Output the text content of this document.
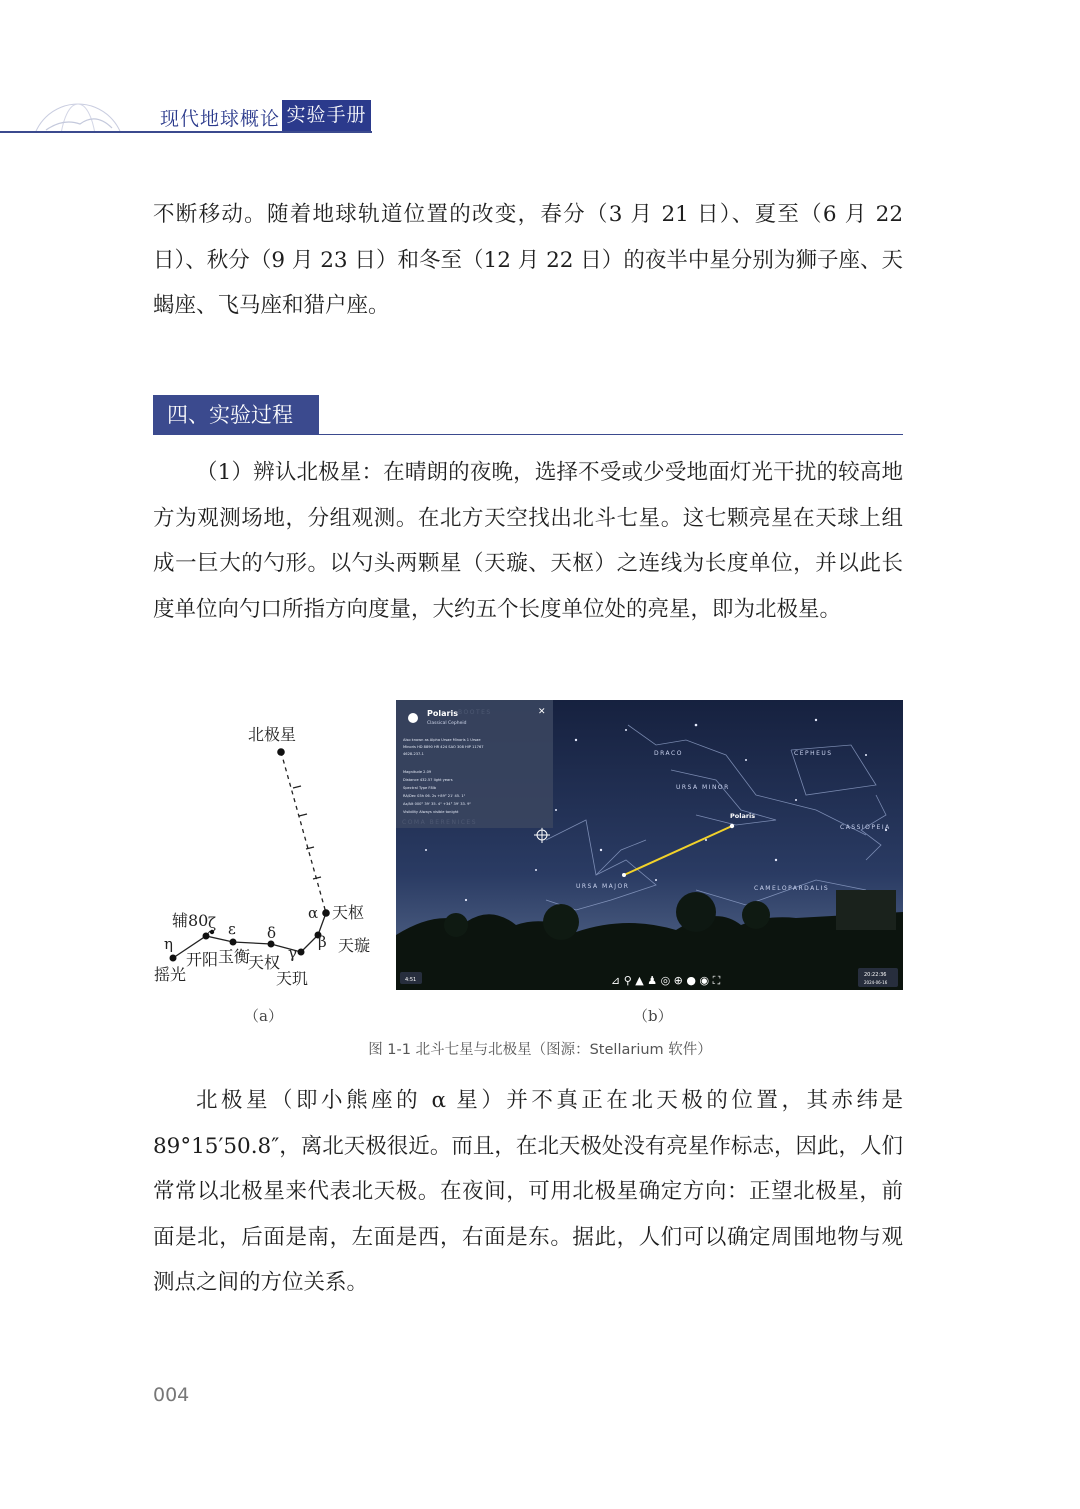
现代地球概论 实验手册
不断移动。随着地球轨道位置的改变，春分（3 月 21 日）、夏至（6 月 22 日）、秋分（9 月 23 日）和冬至（12 月 22 日）的夜半中星分别为狮子座、天蝎座、飞马座和猎户座。
四、实验过程
（1）辨认北极星：在晴朗的夜晚，选择不受或少受地面灯光干扰的较高地方为观测场地，分组观测。在北方天空找出北斗七星。这七颗亮星在天球上组成一巨大的勺形。以勺头两颗星（天璇、天枢）之连线为长度单位，并以此长度单位向勺口所指方向度量，大约五个长度单位处的亮星，即为北极星。
北极星
α 天枢
β 天璇
γ
天玑
δ
天权
ε
玉衡
ζ
开阳
η
摇光
辅80
（a）
DRACO	CEPHEUS
URSA MINOR
CASSIOPEIA
URSA MAJOR	CAMELOPARDALIS
Polaris
Polaris
Classical Cepheid
✕
Also known as Alpha Ursae Minoris 1 Ursae
Minoris HD 8890 HR 424 SAO 308 HIP 11767
4628-237-1
Magnitude 2.09
Distance 432.57 light years
Spectral Type F8Ib
RA/Dec 03h 06. 2s +89° 21' 45. 1"
Az/Alt 000° 39' 35. 4" +34° 39' 33. 9"
Visibility Always visible tonight
4:51	⊿ ⚲ ▲ ♟ ◎ ⊕ ● ◉ ⛶	20:22:36
2024-06-16
（b）
图 1-1 北斗七星与北极星（图源：Stellarium 软件）
北极星（即小熊座的 α 星）并不真正在北天极的位置，其赤纬是 89°15′50.8″，离北天极很近。而且，在北天极处没有亮星作标志，因此，人们常常以北极星来代表北天极。在夜间，可用北极星确定方向：正望北极星，前面是北，后面是南，左面是西，右面是东。据此，人们可以确定周围地物与观测点之间的方位关系。
004
